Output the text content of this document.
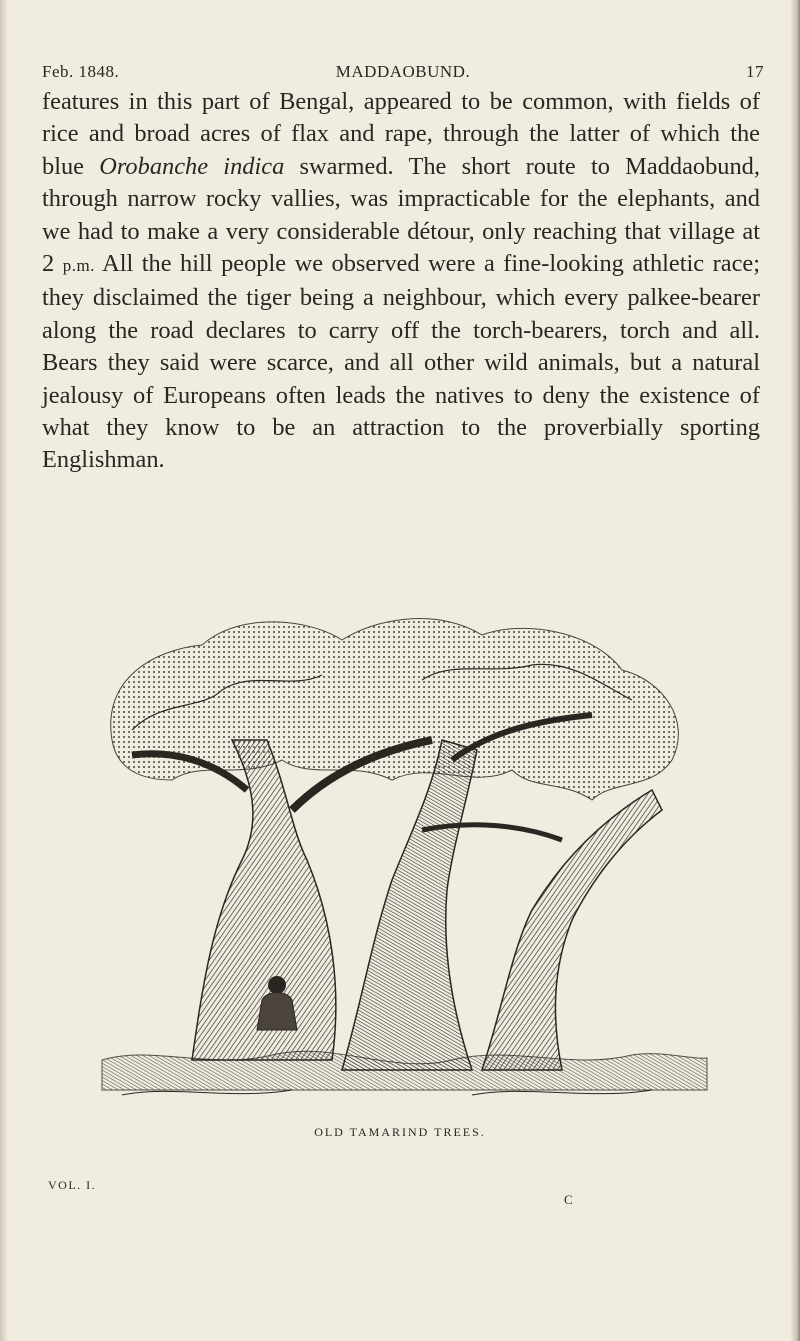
MADDAOBUND.
Feb. 1848.	17

features in this part of Bengal, appeared to be common, with fields of rice and broad acres of flax and rape, through the latter of which the blue Orobanche indica swarmed. The short route to Maddaobund, through narrow rocky vallies, was impracticable for the elephants, and we had to make a very considerable détour, only reaching that village at 2 p.m. All the hill people we observed were a fine-looking athletic race; they disclaimed the tiger being a neighbour, which every palkee-bearer along the road declares to carry off the torch-bearers, torch and all. Bears they said were scarce, and all other wild animals, but a natural jealousy of Europeans often leads the natives to deny the existence of what they know to be an attraction to the proverbially sporting Englishman.

OLD TAMARIND TREES.
VOL. I.
C
